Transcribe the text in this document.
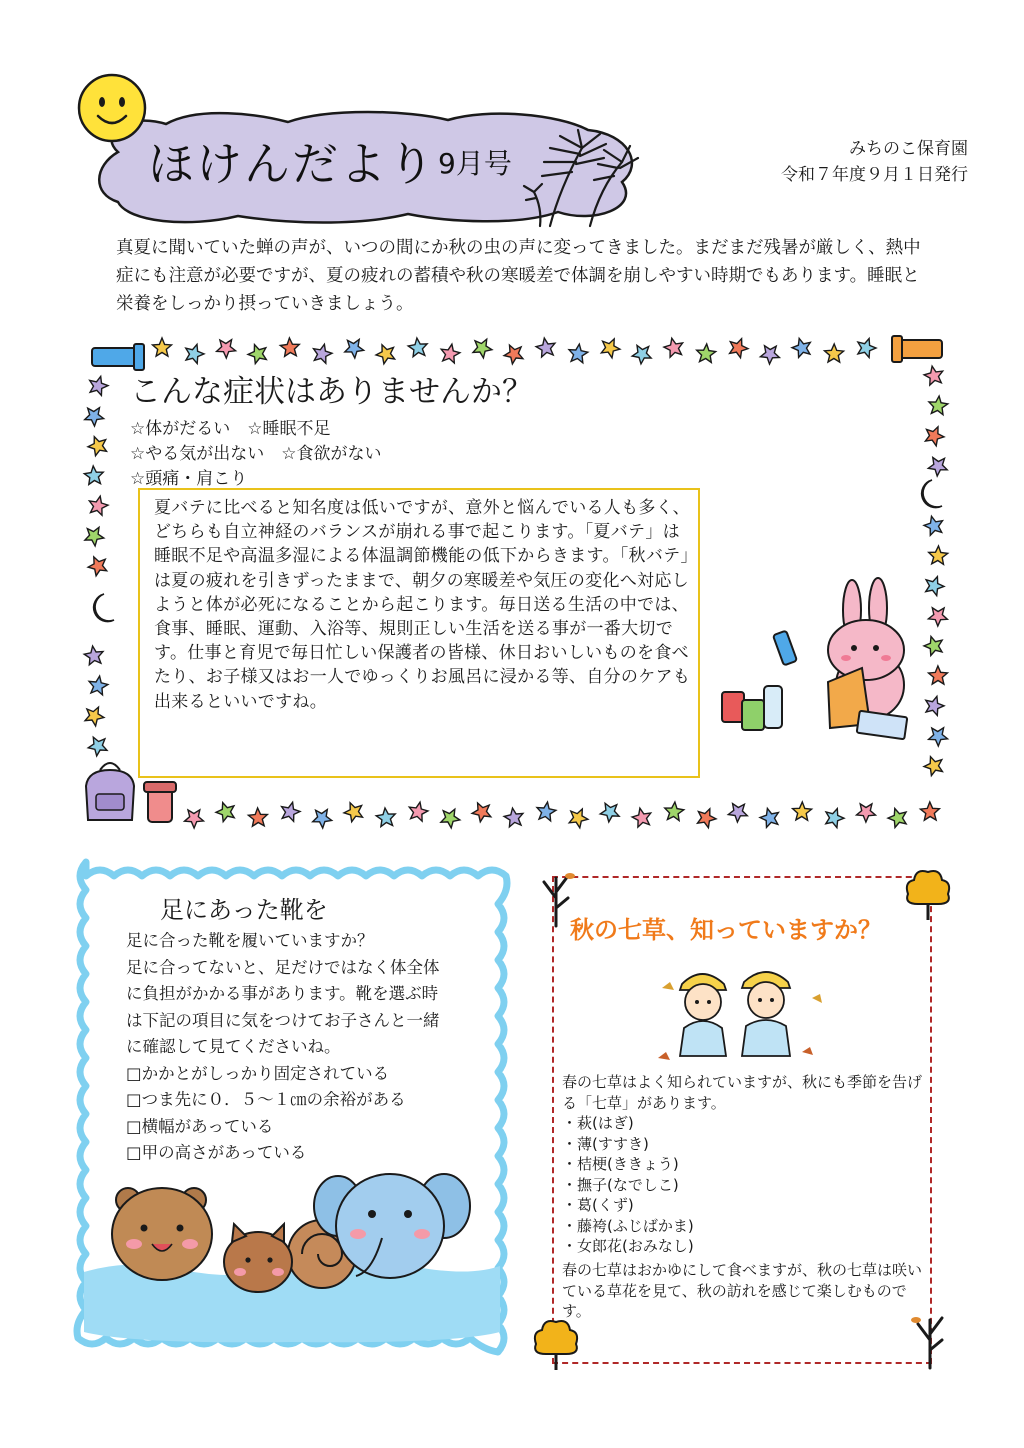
ほけんだより 9月号	みちのこ保育園
令和７年度９月１日発行
真夏に聞いていた蝉の声が、いつの間にか秋の虫の声に変ってきました。まだまだ残暑が厳しく、熱中症にも注意が必要ですが、夏の疲れの蓄積や秋の寒暖差で体調を崩しやすい時期でもあります。睡眠と栄養をしっかり摂っていきましょう。
こんな症状はありませんか？
☆体がだるい　☆睡眠不足
☆やる気が出ない　☆食欲がない
☆頭痛・肩こり
夏バテに比べると知名度は低いですが、意外と悩んでいる人も多く、どちらも自立神経のバランスが崩れる事で起こります。「夏バテ」は睡眠不足や高温多湿による体温調節機能の低下からきます。「秋バテ」は夏の疲れを引きずったままで、朝夕の寒暖差や気圧の変化へ対応しようと体が必死になることから起こります。毎日送る生活の中では、食事、睡眠、運動、入浴等、規則正しい生活を送る事が一番大切です。仕事と育児で毎日忙しい保護者の皆様、休日おいしいものを食べたり、お子様又はお一人でゆっくりお風呂に浸かる等、自分のケアも出来るといいですね。
足にあった靴を
足に合った靴を履いていますか？
足に合ってないと、足だけではなく体全体
に負担がかかる事があります。靴を選ぶ時
は下記の項目に気をつけてお子さんと一緒
に確認して見てくださいね。
□かかとがしっかり固定されている
□つま先に０．５～１㎝の余裕がある
□横幅があっている
□甲の高さがあっている
秋の七草、知っていますか？
春の七草はよく知られていますが、秋にも季節を告げる「七草」があります。
・萩(はぎ)
・薄(すすき)
・桔梗(ききょう)
・撫子(なでしこ)
・葛(くず)
・藤袴(ふじばかま)
・女郎花(おみなし)
春の七草はおかゆにして食べますが、秋の七草は咲いている草花を見て、秋の訪れを感じて楽しむものです。
